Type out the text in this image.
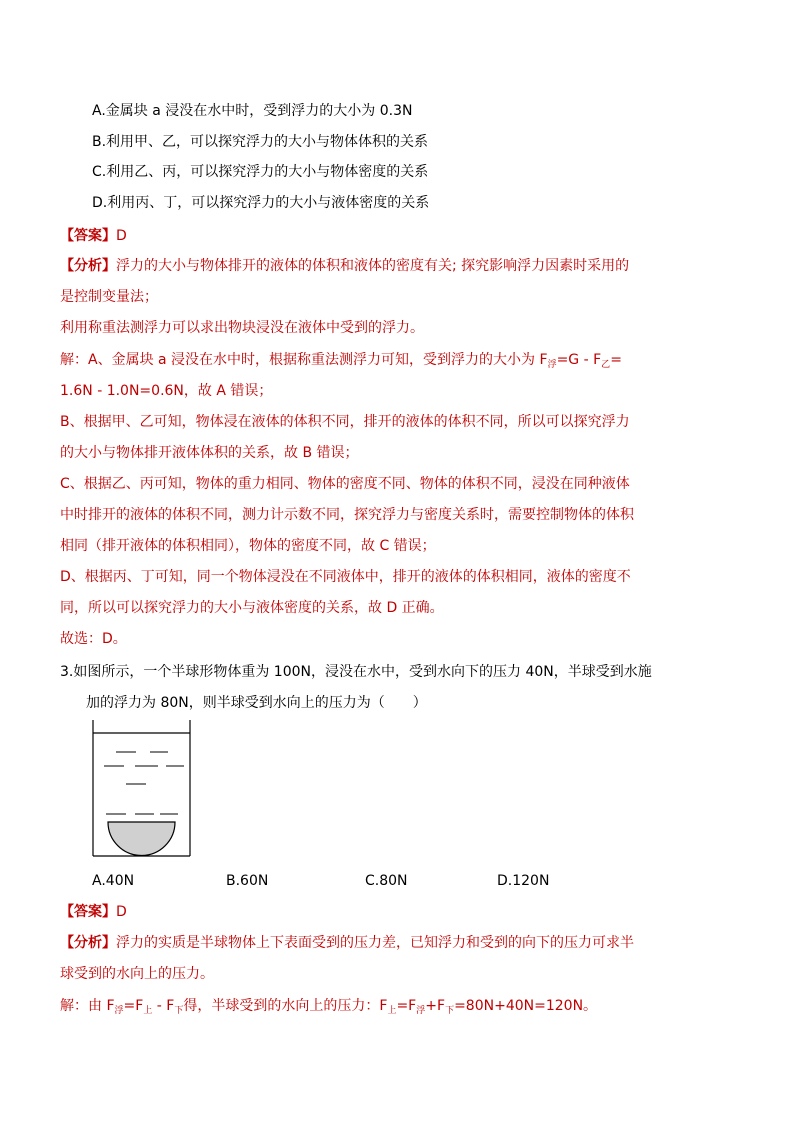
A.金属块 a 浸没在水中时，受到浮力的大小为 0.3N
B.利用甲、乙，可以探究浮力的大小与物体体积的关系
C.利用乙、丙，可以探究浮力的大小与物体密度的关系
D.利用丙、丁，可以探究浮力的大小与液体密度的关系
【答案】D
【分析】浮力的大小与物体排开的液体的体积和液体的密度有关; 探究影响浮力因素时采用的
是控制变量法；
利用称重法测浮力可以求出物块浸没在液体中受到的浮力。
解：A、金属块 a 浸没在水中时，根据称重法测浮力可知，受到浮力的大小为 $F_浮=G - F_乙=$
1.6N - 1.0N=0.6N，故 A 错误；
B、根据甲、乙可知，物体浸在液体的体积不同，排开的液体的体积不同，所以可以探究浮力
的大小与物体排开液体体积的关系，故 B 错误；
C、根据乙、丙可知，物体的重力相同、物体的密度不同、物体的体积不同，浸没在同种液体
中时排开的液体的体积不同，测力计示数不同，探究浮力与密度关系时，需要控制物体的体积
相同（排开液体的体积相同），物体的密度不同，故 C 错误；
D、根据丙、丁可知，同一个物体浸没在不同液体中，排开的液体的体积相同，液体的密度不
同，所以可以探究浮力的大小与液体密度的关系，故 D 正确。
故选：D。
3.如图所示，一个半球形物体重为 100N，浸没在水中，受到水向下的压力 40N，半球受到水施
加的浮力为 80N，则半球受到水向上的压力为（　　）
A.40N	B.60N	C.80N	D.120N
【答案】D
【分析】浮力的实质是半球物体上下表面受到的压力差，已知浮力和受到的向下的压力可求半
球受到的水向上的压力。
解：由 $F_浮=F_上 - F_下$得，半球受到的水向上的压力：$F_上=F_浮+F_下=80N+40N=120N$。
